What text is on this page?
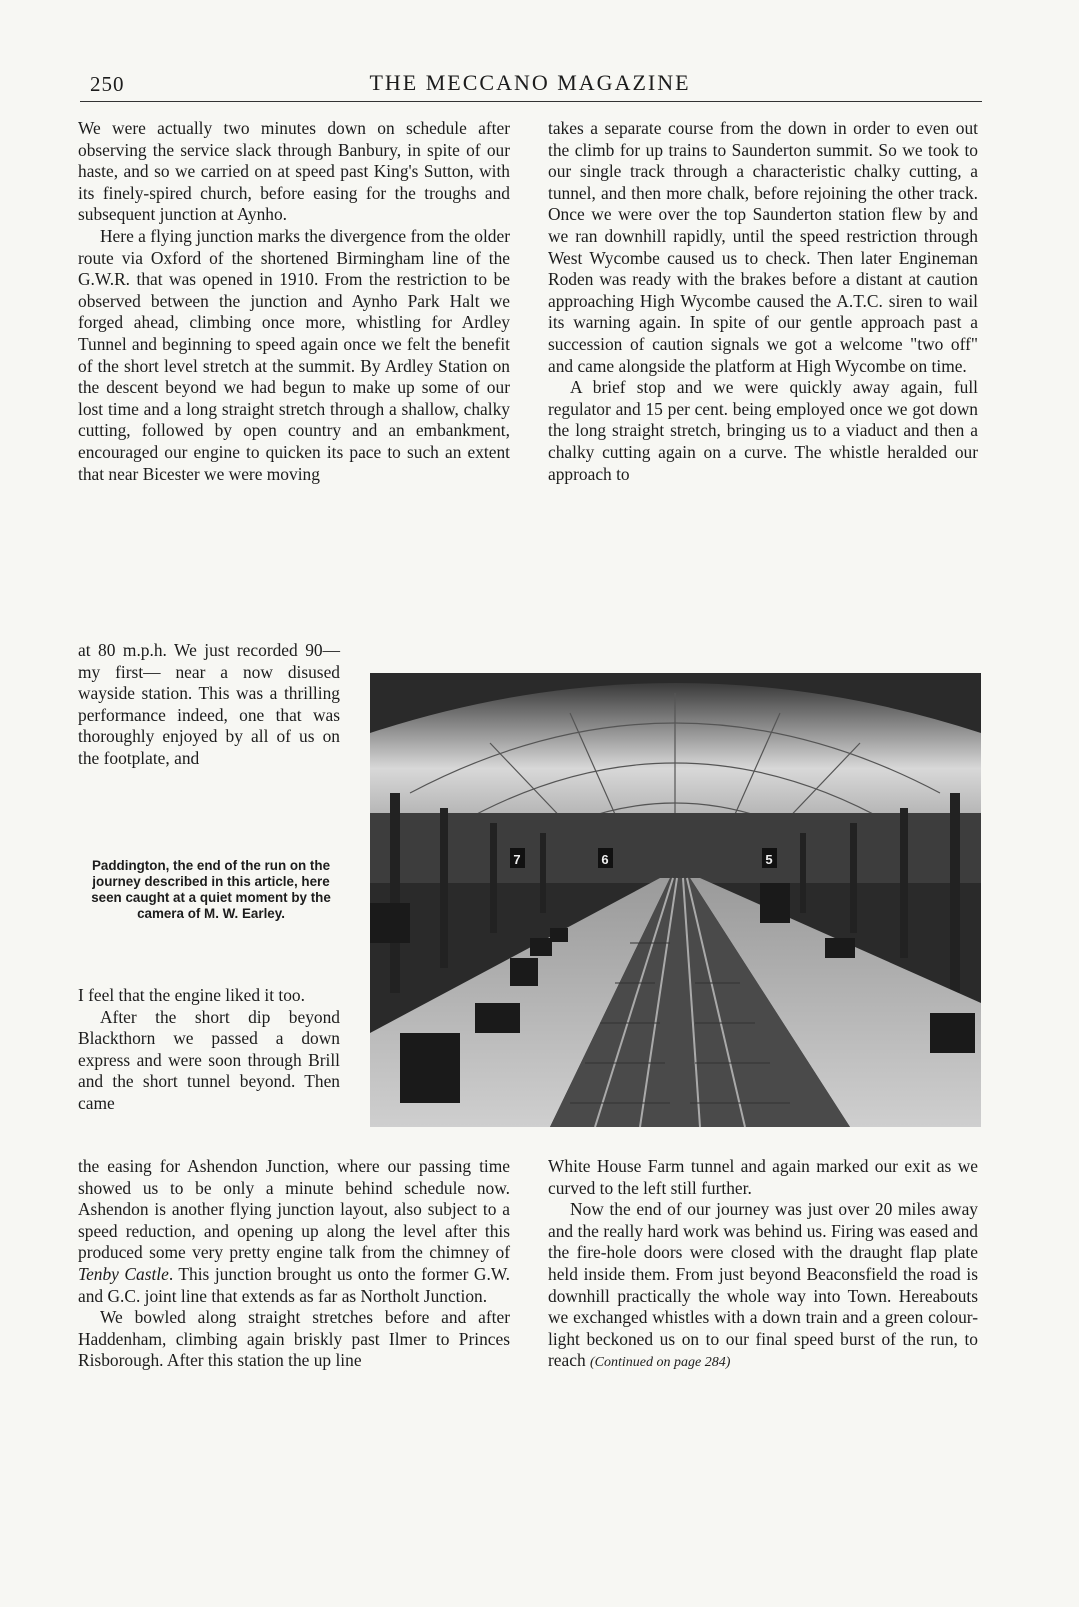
250	THE MECCANO MAGAZINE

We were actually two minutes down on schedule after observing the service slack through Banbury, in spite of our haste, and so we carried on at speed past King's Sutton, with its finely-spired church, before easing for the troughs and subsequent junction at Aynho.

Here a flying junction marks the divergence from the older route via Oxford of the shortened Birmingham line of the G.W.R. that was opened in 1910. From the restriction to be observed between the junction and Aynho Park Halt we forged ahead, climbing once more, whistling for Ardley Tunnel and beginning to speed again once we felt the benefit of the short level stretch at the summit. By Ardley Station on the descent beyond we had begun to make up some of our lost time and a long straight stretch through a shallow, chalky cutting, followed by open country and an embankment, encouraged our engine to quicken its pace to such an extent that near Bicester we were moving

at 80 m.p.h. We just recorded 90—my first— near a now disused wayside station. This was a thrilling performance indeed, one that was thoroughly enjoyed by all of us on the footplate, and

Paddington, the end of the run on the journey described in this article, here seen caught at a quiet moment by the camera of M. W. Earley.

I feel that the engine liked it too.

After the short dip beyond Blackthorn we passed a down express and were soon through Brill and the short tunnel beyond. Then came

the easing for Ashendon Junction, where our passing time showed us to be only a minute behind schedule now. Ashendon is another flying junction layout, also subject to a speed reduction, and opening up along the level after this produced some very pretty engine talk from the chimney of Tenby Castle. This junction brought us onto the former G.W. and G.C. joint line that extends as far as Northolt Junction.

We bowled along straight stretches before and after Haddenham, climbing again briskly past Ilmer to Princes Risborough. After this station the up line

takes a separate course from the down in order to even out the climb for up trains to Saunderton summit. So we took to our single track through a characteristic chalky cutting, a tunnel, and then more chalk, before rejoining the other track. Once we were over the top Saunderton station flew by and we ran downhill rapidly, until the speed restriction through West Wycombe caused us to check. Then later Engineman Roden was ready with the brakes before a distant at caution approaching High Wycombe caused the A.T.C. siren to wail its warning again. In spite of our gentle approach past a succession of caution signals we got a welcome "two off" and came alongside the platform at High Wycombe on time.

A brief stop and we were quickly away again, full regulator and 15 per cent. being employed once we got down the long straight stretch, bringing us to a viaduct and then a chalky cutting again on a curve. The whistle heralded our approach to

White House Farm tunnel and again marked our exit as we curved to the left still further.

Now the end of our journey was just over 20 miles away and the really hard work was behind us. Firing was eased and the fire-hole doors were closed with the draught flap plate held inside them. From just beyond Beaconsfield the road is downhill practically the whole way into Town. Hereabouts we exchanged whistles with a down train and a green colour-light beckoned us on to our final speed burst of the run, to reach (Continued on page 284)

7	6	5
